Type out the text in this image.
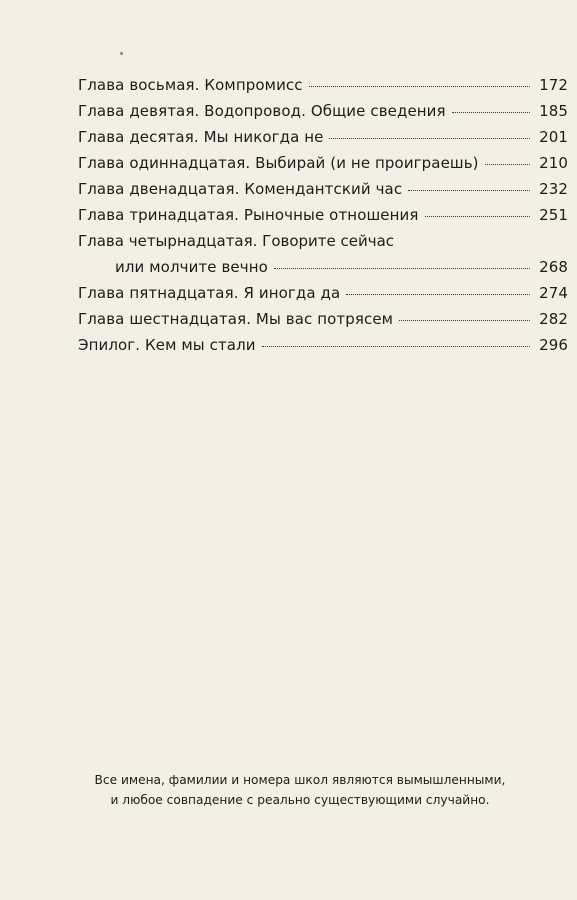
Глава восьмая. Компромисс	172
Глава девятая. Водопровод. Общие сведения	185
Глава десятая. Мы никогда не	201
Глава одиннадцатая. Выбирай (и не проиграешь)	210
Глава двенадцатая. Комендантский час	232
Глава тринадцатая. Рыночные отношения	251
Глава четырнадцатая. Говорите сейчас
или молчите вечно	268
Глава пятнадцатая. Я иногда да	274
Глава шестнадцатая. Мы вас потрясем	282
Эпилог. Кем мы стали	296
Все имена, фамилии и номера школ являются вымышленными,
и любое совпадение с реально существующими случайно.
